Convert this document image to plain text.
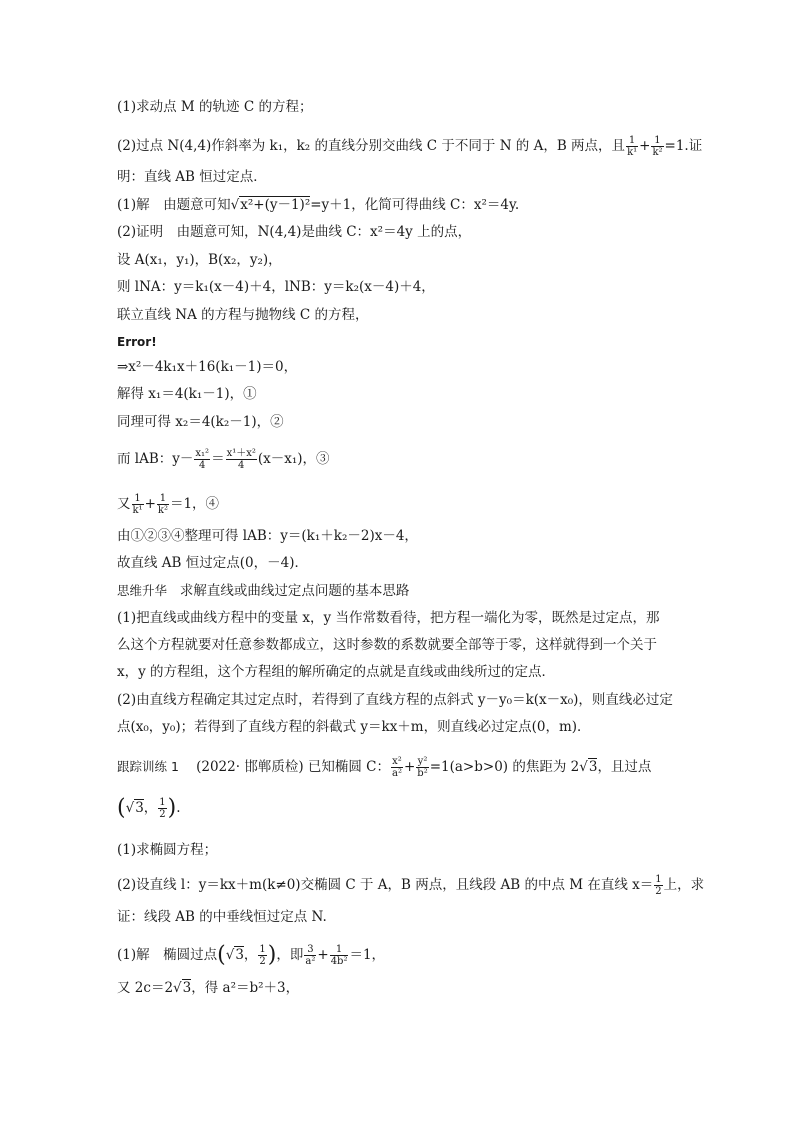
(1)求动点 M 的轨迹 C 的方程；
(2)过点 N(4,4)作斜率为 k₁，k₂ 的直线分别交曲线 C 于不同于 N 的 A，B 两点，且 $\frac{1}{\text{k¹}} + \frac{1}{\text{k²}} =1$.证
明：直线 AB 恒过定点．
(1)解　由题意可知√x²+(y－1)²=y＋1，化简可得曲线 C：x²＝4y.
(2)证明　由题意可知，N(4,4)是曲线 C：x²＝4y 上的点，
设 A(x₁，y₁)，B(x₂，y₂)，
则 lNA：y＝k₁(x－4)＋4，lNB：y＝k₂(x－4)＋4，
联立直线 NA 的方程与抛物线 C 的方程，
Error!
⇒x²－4k₁x＋16(k₁－1)＝0，
解得 x₁＝4(k₁－1)，①
同理可得 x₂＝4(k₂－1)，②
而 lAB：$y- \frac{\text{x₁²}}{4} = \frac{\text{x¹＋x²}}{4} (x-x_1)$，③
又 $\frac{1}{\text{k¹}} + \frac{1}{\text{k²}} =1$，④
由①②③④整理可得 lAB：y＝(k₁＋k₂－2)x－4，
故直线 AB 恒过定点(0，－4)．
思维升华 求解直线或曲线过定点问题的基本思路
(1)把直线或曲线方程中的变量 x，y 当作常数看待，把方程一端化为零，既然是过定点，那
么这个方程就要对任意参数都成立，这时参数的系数就要全部等于零，这样就得到一个关于
x，y 的方程组，这个方程组的解所确定的点就是直线或曲线所过的定点．
(2)由直线方程确定其过定点时，若得到了直线方程的点斜式 y－y₀＝k(x－x₀)，则直线必过定
点(x₀，y₀)；若得到了直线方程的斜截式 y＝kx＋m，则直线必过定点(0，m)．
跟踪训练 1 (2022· 邯郸质检) 已知椭圆 C： $\frac{\text{x²}}{\text{a²}} + \frac{\text{y²}}{\text{b²}} =1(a>b>0)$ 的焦距为 2√3，且过点
(√3， $\frac{1}{2}$ ).
(1)求椭圆方程；
(2)设直线 l：y＝kx＋m(k≠0)交椭圆 C 于 A，B 两点，且线段 AB 的中点 M 在直线 $x= \frac{1}{2}$ 上，求
证：线段 AB 的中垂线恒过定点 N.
(1)解　椭圆过点(√3， $\frac{1}{2}$ )，即 $\frac{3}{\text{a²}} + \frac{1}{\text{4b²}} =1$，
又 2c＝2√3，得 a²＝b²＋3，
